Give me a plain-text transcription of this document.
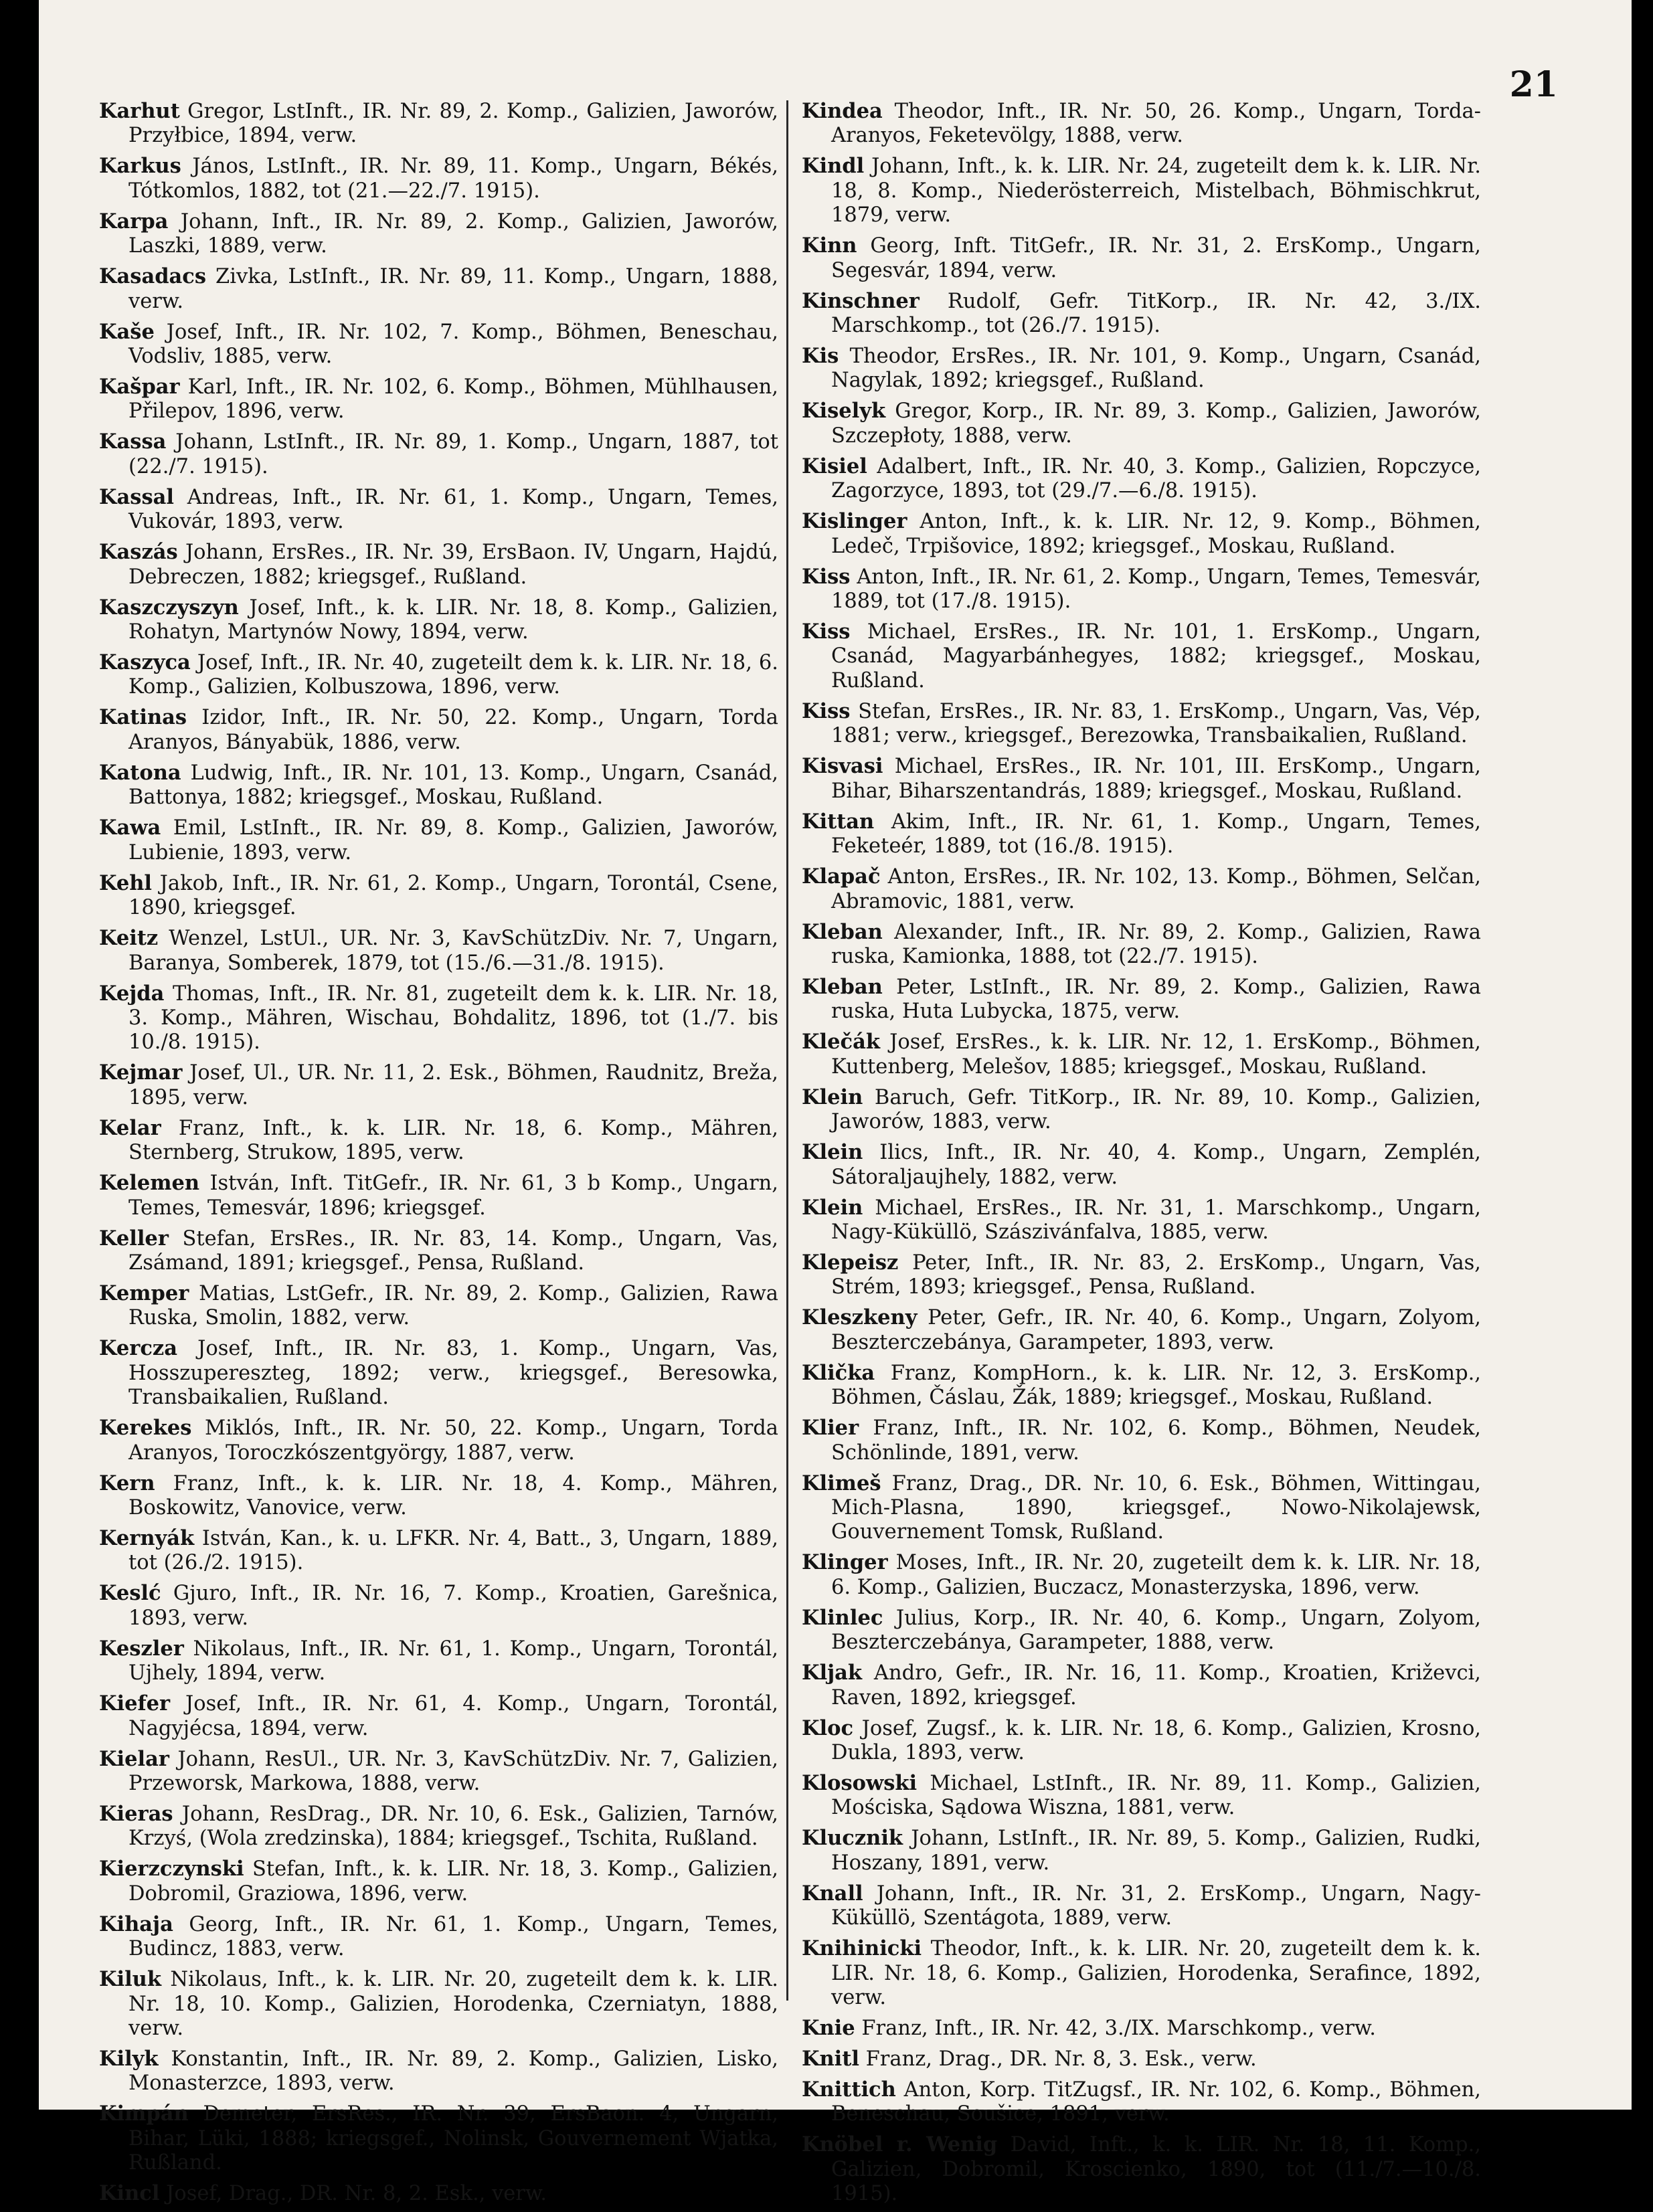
21

Karhut Gregor, LstInft., IR. Nr. 89, 2. Komp., Galizien, Jaworów, Przyłbice, 1894, verw.

Karkus János, LstInft., IR. Nr. 89, 11. Komp., Ungarn, Békés, Tótkomlos, 1882, tot (21.—22./7. 1915).

Karpa Johann, Inft., IR. Nr. 89, 2. Komp., Galizien, Jaworów, Laszki, 1889, verw.

Kasadacs Zivka, LstInft., IR. Nr. 89, 11. Komp., Ungarn, 1888, verw.

Kaše Josef, Inft., IR. Nr. 102, 7. Komp., Böhmen, Beneschau, Vodsliv, 1885, verw.

Kašpar Karl, Inft., IR. Nr. 102, 6. Komp., Böhmen, Mühlhausen, Přilepov, 1896, verw.

Kassa Johann, LstInft., IR. Nr. 89, 1. Komp., Ungarn, 1887, tot (22./7. 1915).

Kassal Andreas, Inft., IR. Nr. 61, 1. Komp., Ungarn, Temes, Vukovár, 1893, verw.

Kaszás Johann, ErsRes., IR. Nr. 39, ErsBaon. IV, Ungarn, Hajdú, Debreczen, 1882; kriegsgef., Rußland.

Kaszczyszyn Josef, Inft., k. k. LIR. Nr. 18, 8. Komp., Galizien, Rohatyn, Martynów Nowy, 1894, verw.

Kaszyca Josef, Inft., IR. Nr. 40, zugeteilt dem k. k. LIR. Nr. 18, 6. Komp., Galizien, Kolbuszowa, 1896, verw.

Katinas Izidor, Inft., IR. Nr. 50, 22. Komp., Ungarn, Torda Aranyos, Bányabük, 1886, verw.

Katona Ludwig, Inft., IR. Nr. 101, 13. Komp., Ungarn, Csanád, Battonya, 1882; kriegsgef., Moskau, Rußland.

Kawa Emil, LstInft., IR. Nr. 89, 8. Komp., Galizien, Jaworów, Lubienie, 1893, verw.

Kehl Jakob, Inft., IR. Nr. 61, 2. Komp., Ungarn, Torontál, Csene, 1890, kriegsgef.

Keitz Wenzel, LstUl., UR. Nr. 3, KavSchützDiv. Nr. 7, Ungarn, Baranya, Somberek, 1879, tot (15./6.—31./8. 1915).

Kejda Thomas, Inft., IR. Nr. 81, zugeteilt dem k. k. LIR. Nr. 18, 3. Komp., Mähren, Wischau, Bohdalitz, 1896, tot (1./7. bis 10./8. 1915).

Kejmar Josef, Ul., UR. Nr. 11, 2. Esk., Böhmen, Raudnitz, Breža, 1895, verw.

Kelar Franz, Inft., k. k. LIR. Nr. 18, 6. Komp., Mähren, Sternberg, Strukow, 1895, verw.

Kelemen István, Inft. TitGefr., IR. Nr. 61, 3 b Komp., Ungarn, Temes, Temesvár, 1896; kriegsgef.

Keller Stefan, ErsRes., IR. Nr. 83, 14. Komp., Ungarn, Vas, Zsámand, 1891; kriegsgef., Pensa, Rußland.

Kemper Matias, LstGefr., IR. Nr. 89, 2. Komp., Galizien, Rawa Ruska, Smolin, 1882, verw.

Kercza Josef, Inft., IR. Nr. 83, 1. Komp., Ungarn, Vas, Hosszupereszteg, 1892; verw., kriegsgef., Beresowka, Transbaikalien, Rußland.

Kerekes Miklós, Inft., IR. Nr. 50, 22. Komp., Ungarn, Torda Aranyos, Toroczkószentgyörgy, 1887, verw.

Kern Franz, Inft., k. k. LIR. Nr. 18, 4. Komp., Mähren, Boskowitz, Vanovice, verw.

Kernyák István, Kan., k. u. LFKR. Nr. 4, Batt., 3, Ungarn, 1889, tot (26./2. 1915).

Keslć Gjuro, Inft., IR. Nr. 16, 7. Komp., Kroatien, Garešnica, 1893, verw.

Keszler Nikolaus, Inft., IR. Nr. 61, 1. Komp., Ungarn, Torontál, Ujhely, 1894, verw.

Kiefer Josef, Inft., IR. Nr. 61, 4. Komp., Ungarn, Torontál, Nagyjécsa, 1894, verw.

Kielar Johann, ResUl., UR. Nr. 3, KavSchützDiv. Nr. 7, Galizien, Przeworsk, Markowa, 1888, verw.

Kieras Johann, ResDrag., DR. Nr. 10, 6. Esk., Galizien, Tarnów, Krzyś, (Wola zredzinska), 1884; kriegsgef., Tschita, Rußland.

Kierzczynski Stefan, Inft., k. k. LIR. Nr. 18, 3. Komp., Galizien, Dobromil, Graziowa, 1896, verw.

Kihaja Georg, Inft., IR. Nr. 61, 1. Komp., Ungarn, Temes, Budincz, 1883, verw.

Kiluk Nikolaus, Inft., k. k. LIR. Nr. 20, zugeteilt dem k. k. LIR. Nr. 18, 10. Komp., Galizien, Horodenka, Czerniatyn, 1888, verw.

Kilyk Konstantin, Inft., IR. Nr. 89, 2. Komp., Galizien, Lisko, Monasterzce, 1893, verw.

Kimpán Demeter, ErsRes., IR. Nr. 39, ErsBaon. 4, Ungarn, Bihar, Lüki, 1888; kriegsgef., Nolinsk, Gouvernement Wjatka, Rußland.

Kincl Josef, Drag., DR. Nr. 8, 2. Esk., verw.

Kindea Theodor, Inft., IR. Nr. 50, 26. Komp., Ungarn, Torda-Aranyos, Feketevölgy, 1888, verw.

Kindl Johann, Inft., k. k. LIR. Nr. 24, zugeteilt dem k. k. LIR. Nr. 18, 8. Komp., Niederösterreich, Mistelbach, Böhmischkrut, 1879, verw.

Kinn Georg, Inft. TitGefr., IR. Nr. 31, 2. ErsKomp., Ungarn, Segesvár, 1894, verw.

Kinschner Rudolf, Gefr. TitKorp., IR. Nr. 42, 3./IX. Marschkomp., tot (26./7. 1915).

Kis Theodor, ErsRes., IR. Nr. 101, 9. Komp., Ungarn, Csanád, Nagylak, 1892; kriegsgef., Rußland.

Kiselyk Gregor, Korp., IR. Nr. 89, 3. Komp., Galizien, Jaworów, Szczepłoty, 1888, verw.

Kisiel Adalbert, Inft., IR. Nr. 40, 3. Komp., Galizien, Ropczyce, Zagorzyce, 1893, tot (29./7.—6./8. 1915).

Kislinger Anton, Inft., k. k. LIR. Nr. 12, 9. Komp., Böhmen, Ledeč, Trpišovice, 1892; kriegsgef., Moskau, Rußland.

Kiss Anton, Inft., IR. Nr. 61, 2. Komp., Ungarn, Temes, Temesvár, 1889, tot (17./8. 1915).

Kiss Michael, ErsRes., IR. Nr. 101, 1. ErsKomp., Ungarn, Csanád, Magyarbánhegyes, 1882; kriegsgef., Moskau, Rußland.

Kiss Stefan, ErsRes., IR. Nr. 83, 1. ErsKomp., Ungarn, Vas, Vép, 1881; verw., kriegsgef., Berezowka, Transbaikalien, Rußland.

Kisvasi Michael, ErsRes., IR. Nr. 101, III. ErsKomp., Ungarn, Bihar, Biharszentandrás, 1889; kriegsgef., Moskau, Rußland.

Kittan Akim, Inft., IR. Nr. 61, 1. Komp., Ungarn, Temes, Feketeér, 1889, tot (16./8. 1915).

Klapač Anton, ErsRes., IR. Nr. 102, 13. Komp., Böhmen, Selčan, Abramovic, 1881, verw.

Kleban Alexander, Inft., IR. Nr. 89, 2. Komp., Galizien, Rawa ruska, Kamionka, 1888, tot (22./7. 1915).

Kleban Peter, LstInft., IR. Nr. 89, 2. Komp., Galizien, Rawa ruska, Huta Lubycka, 1875, verw.

Klečák Josef, ErsRes., k. k. LIR. Nr. 12, 1. ErsKomp., Böhmen, Kuttenberg, Melešov, 1885; kriegsgef., Moskau, Rußland.

Klein Baruch, Gefr. TitKorp., IR. Nr. 89, 10. Komp., Galizien, Jaworów, 1883, verw.

Klein Ilics, Inft., IR. Nr. 40, 4. Komp., Ungarn, Zemplén, Sátoraljaujhely, 1882, verw.

Klein Michael, ErsRes., IR. Nr. 31, 1. Marschkomp., Ungarn, Nagy-Küküllö, Szászivánfalva, 1885, verw.

Klepeisz Peter, Inft., IR. Nr. 83, 2. ErsKomp., Ungarn, Vas, Strém, 1893; kriegsgef., Pensa, Rußland.

Kleszkeny Peter, Gefr., IR. Nr. 40, 6. Komp., Ungarn, Zolyom, Beszterczebánya, Garampeter, 1893, verw.

Klička Franz, KompHorn., k. k. LIR. Nr. 12, 3. ErsKomp., Böhmen, Čáslau, Žák, 1889; kriegsgef., Moskau, Rußland.

Klier Franz, Inft., IR. Nr. 102, 6. Komp., Böhmen, Neudek, Schönlinde, 1891, verw.

Klimeš Franz, Drag., DR. Nr. 10, 6. Esk., Böhmen, Wittingau, Mich-Plasna, 1890, kriegsgef., Nowo-Nikolajewsk, Gouvernement Tomsk, Rußland.

Klinger Moses, Inft., IR. Nr. 20, zugeteilt dem k. k. LIR. Nr. 18, 6. Komp., Galizien, Buczacz, Monasterzyska, 1896, verw.

Klinlec Julius, Korp., IR. Nr. 40, 6. Komp., Ungarn, Zolyom, Beszterczebánya, Garampeter, 1888, verw.

Kljak Andro, Gefr., IR. Nr. 16, 11. Komp., Kroatien, Križevci, Raven, 1892, kriegsgef.

Kloc Josef, Zugsf., k. k. LIR. Nr. 18, 6. Komp., Galizien, Krosno, Dukla, 1893, verw.

Klosowski Michael, LstInft., IR. Nr. 89, 11. Komp., Galizien, Mościska, Sądowa Wiszna, 1881, verw.

Klucznik Johann, LstInft., IR. Nr. 89, 5. Komp., Galizien, Rudki, Hoszany, 1891, verw.

Knall Johann, Inft., IR. Nr. 31, 2. ErsKomp., Ungarn, Nagy-Küküllö, Szentágota, 1889, verw.

Knihinicki Theodor, Inft., k. k. LIR. Nr. 20, zugeteilt dem k. k. LIR. Nr. 18, 6. Komp., Galizien, Horodenka, Serafince, 1892, verw.

Knie Franz, Inft., IR. Nr. 42, 3./IX. Marschkomp., verw.

Knitl Franz, Drag., DR. Nr. 8, 3. Esk., verw.

Knittich Anton, Korp. TitZugsf., IR. Nr. 102, 6. Komp., Böhmen, Beneschau, Soušice, 1891, verw.

Knöbel r. Wenig David, Inft., k. k. LIR. Nr. 18, 11. Komp., Galizien, Dobromil, Kroscienko, 1890, tot (11./7.—10./8. 1915).
